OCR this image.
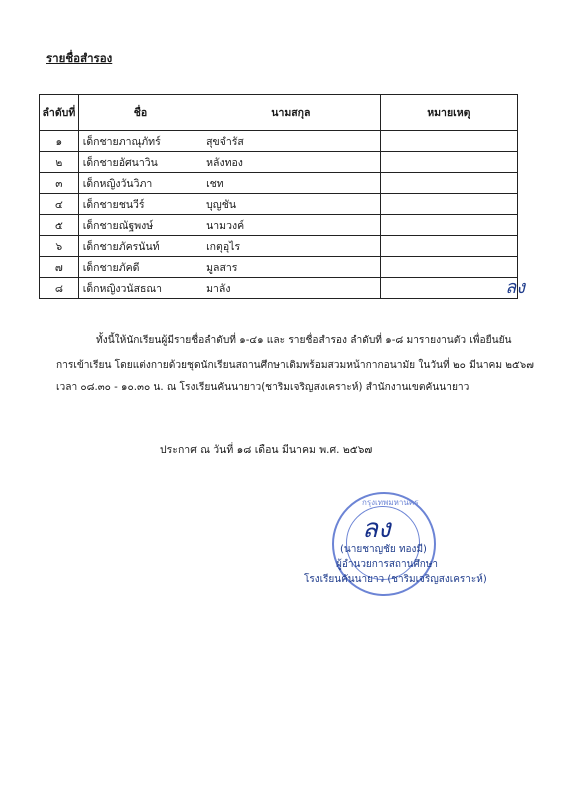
รายชื่อสำรอง
ลำดับที่	ชื่อ	นามสกุล	หมายเหตุ
๑	เด็กชายภาณุภัทร์	สุขจำรัส	
๒	เด็กชายอัศนาวิน	หลังทอง	
๓	เด็กหญิงวันวิภา	เชท	
๔	เด็กชายชนวีร์	บุญชัน	
๕	เด็กชายณัฐพงษ์	นามวงค์	
๖	เด็กชายภัครนันท์	เกตุอุไร	
๗	เด็กชายภัคดี	มูลสาร	
๘	เด็กหญิงวนัสธณา	มาลัง	ลง
ทั้งนี้ให้นักเรียนผู้มีรายชื่อลำดับที่ ๑-๔๑ และ รายชื่อสำรอง ลำดับที่ ๑-๘ มารายงานตัว เพื่อยืนยัน
การเข้าเรียน โดยแต่งกายด้วยชุดนักเรียนสถานศึกษาเดิมพร้อมสวมหน้ากากอนามัย ในวันที่ ๒๐ มีนาคม ๒๕๖๗
เวลา ๐๘.๓๐ - ๑๐.๓๐ น. ณ โรงเรียนคันนายาว(ชาริมเจริญสงเคราะห์) สำนักงานเขตคันนายาว
ประกาศ ณ วันที่ ๑๘ เดือน มีนาคม พ.ศ. ๒๕๖๗
กรุงเทพมหานคร
ลง
(นายชาญชัย ทองมี)
ผู้อำนวยการสถานศึกษา
โรงเรียนคันนายาว (ชาริมเจริญสงเคราะห์)
